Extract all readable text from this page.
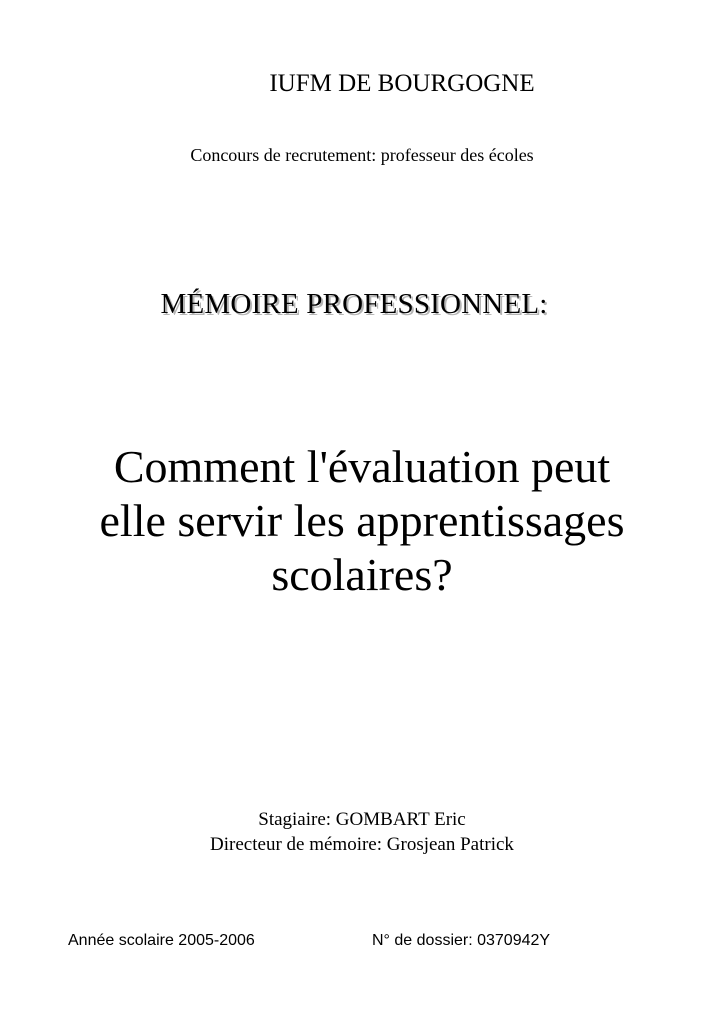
IUFM DE BOURGOGNE
Concours de recrutement: professeur des écoles
MÉMOIRE PROFESSIONNEL:
Comment l'évaluation peut
elle servir les apprentissages
scolaires?
Stagiaire: GOMBART Eric
Directeur de mémoire: Grosjean Patrick
Année scolaire 2005-2006	N° de dossier: 0370942Y
